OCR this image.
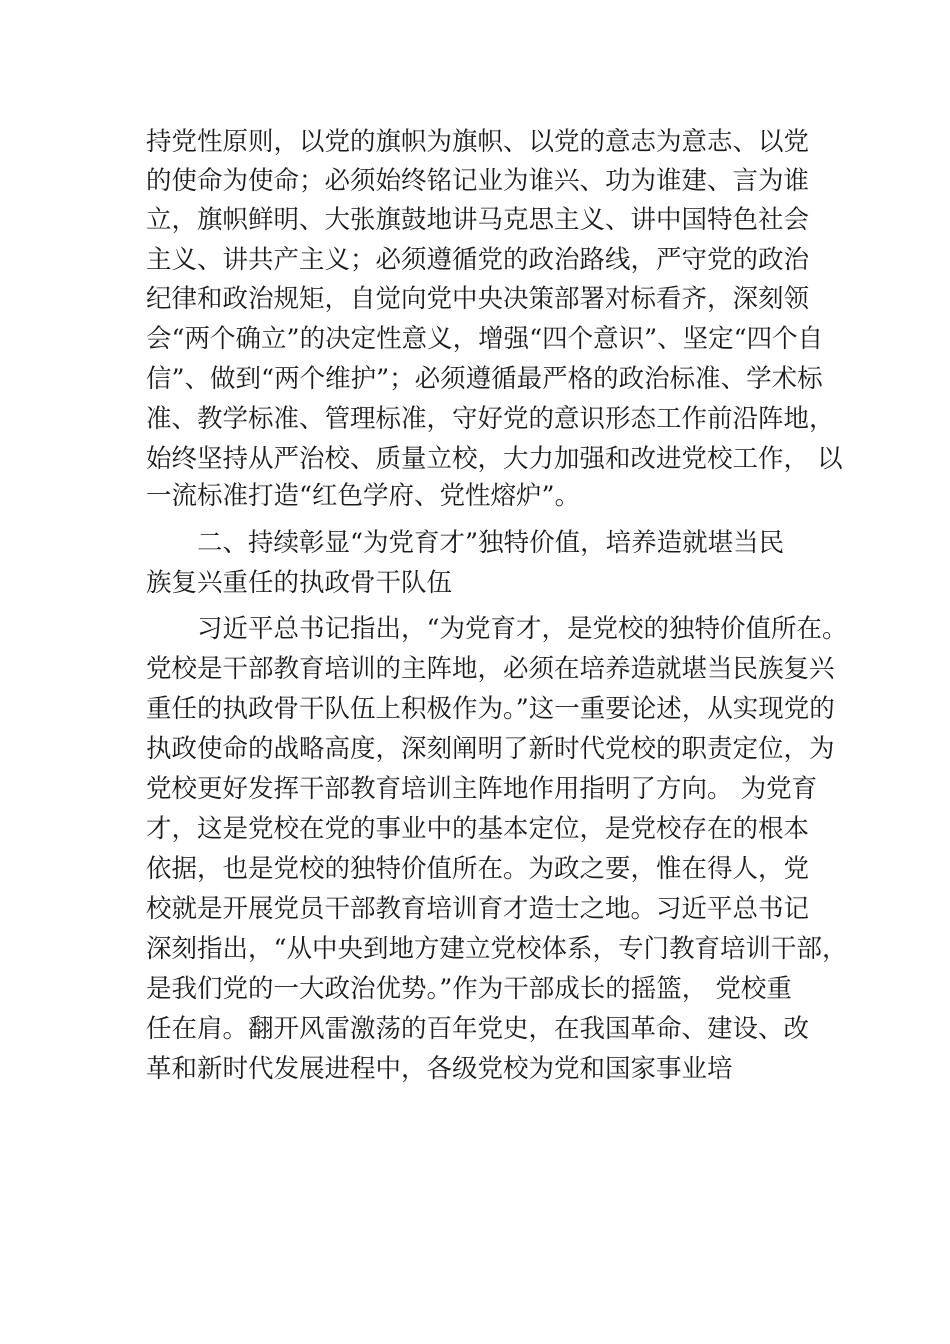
持党性原则，以党的旗帜为旗帜、以党的意志为意志、以党
的使命为使命；必须始终铭记业为谁兴、功为谁建、言为谁
立，旗帜鲜明、大张旗鼓地讲马克思主义、讲中国特色社会
主义、讲共产主义；必须遵循党的政治路线，严守党的政治
纪律和政治规矩，自觉向党中央决策部署对标看齐，深刻领
会“两个确立”的决定性意义，增强“四个意识”、坚定“四个自
信”、做到“两个维护”；必须遵循最严格的政治标准、学术标
准、教学标准、管理标准，守好党的意识形态工作前沿阵地，
始终坚持从严治校、质量立校，大力加强和改进党校工作， 以
一流标准打造“红色学府、党性熔炉”。
　　二、持续彰显“为党育才”独特价值，培养造就堪当民
族复兴重任的执政骨干队伍
　　习近平总书记指出，“为党育才，是党校的独特价值所在。
党校是干部教育培训的主阵地，必须在培养造就堪当民族复兴
重任的执政骨干队伍上积极作为。”这一重要论述，从实现党的
执政使命的战略高度，深刻阐明了新时代党校的职责定位，为
党校更好发挥干部教育培训主阵地作用指明了方向。 为党育
才，这是党校在党的事业中的基本定位，是党校存在的根本
依据，也是党校的独特价值所在。为政之要，惟在得人，党
校就是开展党员干部教育培训育才造士之地。习近平总书记
深刻指出，“从中央到地方建立党校体系，专门教育培训干部，
是我们党的一大政治优势。”作为干部成长的摇篮， 党校重
任在肩。翻开风雷激荡的百年党史，在我国革命、建设、改
革和新时代发展进程中，各级党校为党和国家事业培
